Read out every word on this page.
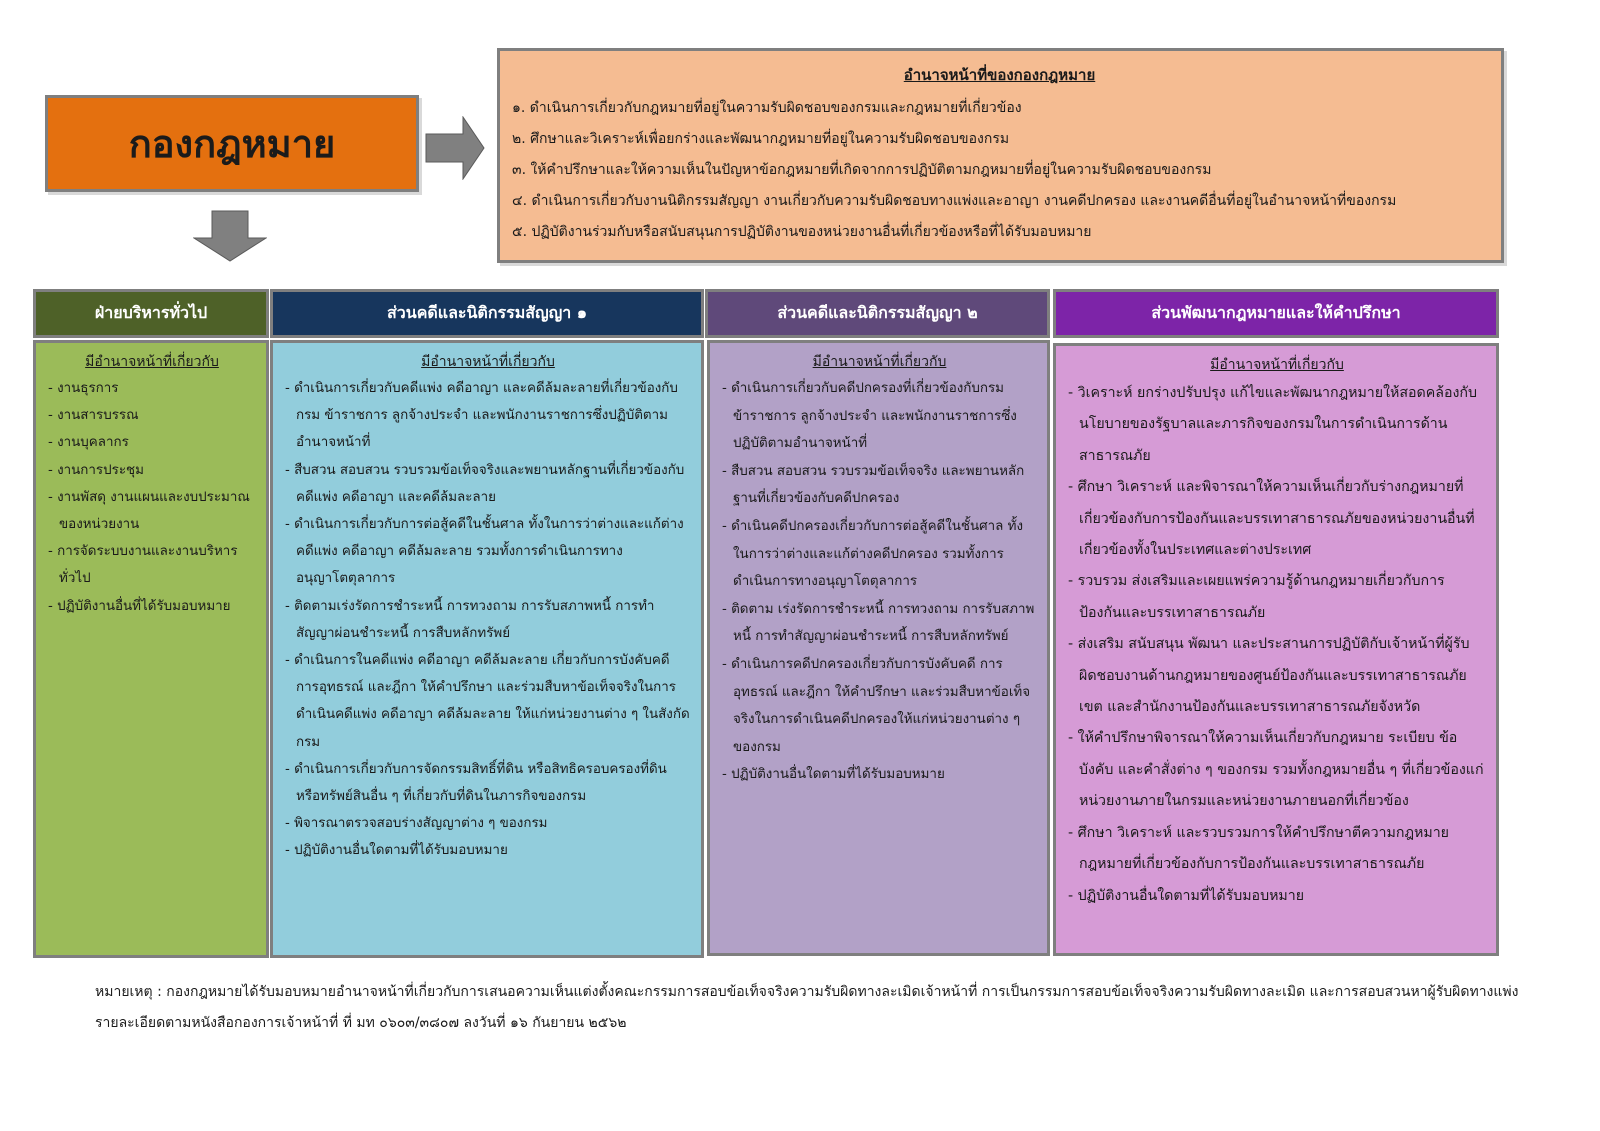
กองกฎหมาย
อำนาจหน้าที่ของกองกฎหมาย
๑. ดำเนินการเกี่ยวกับกฎหมายที่อยู่ในความรับผิดชอบของกรมและกฎหมายที่เกี่ยวข้อง
๒. ศึกษาและวิเคราะห์เพื่อยกร่างและพัฒนากฎหมายที่อยู่ในความรับผิดชอบของกรม
๓. ให้คำปรึกษาและให้ความเห็นในปัญหาข้อกฎหมายที่เกิดจากการปฏิบัติตามกฎหมายที่อยู่ในความรับผิดชอบของกรม
๔. ดำเนินการเกี่ยวกับงานนิติกรรมสัญญา งานเกี่ยวกับความรับผิดชอบทางแพ่งและอาญา งานคดีปกครอง และงานคดีอื่นที่อยู่ในอำนาจหน้าที่ของกรม
๕. ปฏิบัติงานร่วมกับหรือสนับสนุนการปฏิบัติงานของหน่วยงานอื่นที่เกี่ยวข้องหรือที่ได้รับมอบหมาย
ฝ่ายบริหารทั่วไป
มีอำนาจหน้าที่เกี่ยวกับ
- งานธุรการ
- งานสารบรรณ
- งานบุคลากร
- งานการประชุม
- งานพัสดุ งานแผนและงบประมาณของหน่วยงาน
- การจัดระบบงานและงานบริหารทั่วไป
- ปฏิบัติงานอื่นที่ได้รับมอบหมาย
ส่วนคดีและนิติกรรมสัญญา ๑
มีอำนาจหน้าที่เกี่ยวกับ
- ดำเนินการเกี่ยวกับคดีแพ่ง คดีอาญา และคดีล้มละลายที่เกี่ยวข้องกับกรม ข้าราชการ ลูกจ้างประจำ และพนักงานราชการซึ่งปฏิบัติตามอำนาจหน้าที่
- สืบสวน สอบสวน รวบรวมข้อเท็จจริงและพยานหลักฐานที่เกี่ยวข้องกับคดีแพ่ง คดีอาญา และคดีล้มละลาย
- ดำเนินการเกี่ยวกับการต่อสู้คดีในชั้นศาล ทั้งในการว่าต่างและแก้ต่างคดีแพ่ง คดีอาญา คดีล้มละลาย รวมทั้งการดำเนินการทางอนุญาโตตุลาการ
- ติดตามเร่งรัดการชำระหนี้ การทวงถาม การรับสภาพหนี้ การทำสัญญาผ่อนชำระหนี้ การสืบหลักทรัพย์
- ดำเนินการในคดีแพ่ง คดีอาญา คดีล้มละลาย เกี่ยวกับการบังคับคดี การอุทธรณ์ และฎีกา ให้คำปรึกษา และร่วมสืบหาข้อเท็จจริงในการดำเนินคดีแพ่ง คดีอาญา คดีล้มละลาย ให้แก่หน่วยงานต่าง ๆ ในสังกัดกรม
- ดำเนินการเกี่ยวกับการจัดกรรมสิทธิ์ที่ดิน หรือสิทธิครอบครองที่ดิน หรือทรัพย์สินอื่น ๆ ที่เกี่ยวกับที่ดินในภารกิจของกรม
- พิจารณาตรวจสอบร่างสัญญาต่าง ๆ ของกรม
- ปฏิบัติงานอื่นใดตามที่ได้รับมอบหมาย
ส่วนคดีและนิติกรรมสัญญา ๒
มีอำนาจหน้าที่เกี่ยวกับ
- ดำเนินการเกี่ยวกับคดีปกครองที่เกี่ยวข้องกับกรม ข้าราชการ ลูกจ้างประจำ และพนักงานราชการซึ่งปฏิบัติตามอำนาจหน้าที่
- สืบสวน สอบสวน รวบรวมข้อเท็จจริง และพยานหลักฐานที่เกี่ยวข้องกับคดีปกครอง
- ดำเนินคดีปกครองเกี่ยวกับการต่อสู้คดีในชั้นศาล ทั้งในการว่าต่างและแก้ต่างคดีปกครอง รวมทั้งการดำเนินการทางอนุญาโตตุลาการ
- ติดตาม เร่งรัดการชำระหนี้ การทวงถาม การรับสภาพหนี้ การทำสัญญาผ่อนชำระหนี้ การสืบหลักทรัพย์
- ดำเนินการคดีปกครองเกี่ยวกับการบังคับคดี การอุทธรณ์ และฎีกา ให้คำปรึกษา และร่วมสืบหาข้อเท็จจริงในการดำเนินคดีปกครองให้แก่หน่วยงานต่าง ๆ ของกรม
- ปฏิบัติงานอื่นใดตามที่ได้รับมอบหมาย
ส่วนพัฒนากฎหมายและให้คำปรึกษา
มีอำนาจหน้าที่เกี่ยวกับ
- วิเคราะห์ ยกร่างปรับปรุง แก้ไขและพัฒนากฎหมายให้สอดคล้องกับนโยบายของรัฐบาลและภารกิจของกรมในการดำเนินการด้านสาธารณภัย
- ศึกษา วิเคราะห์ และพิจารณาให้ความเห็นเกี่ยวกับร่างกฎหมายที่เกี่ยวข้องกับการป้องกันและบรรเทาสาธารณภัยของหน่วยงานอื่นที่เกี่ยวข้องทั้งในประเทศและต่างประเทศ
- รวบรวม ส่งเสริมและเผยแพร่ความรู้ด้านกฎหมายเกี่ยวกับการป้องกันและบรรเทาสาธารณภัย
- ส่งเสริม สนับสนุน พัฒนา และประสานการปฏิบัติกับเจ้าหน้าที่ผู้รับผิดชอบงานด้านกฎหมายของศูนย์ป้องกันและบรรเทาสาธารณภัยเขต และสำนักงานป้องกันและบรรเทาสาธารณภัยจังหวัด
- ให้คำปรึกษาพิจารณาให้ความเห็นเกี่ยวกับกฎหมาย ระเบียบ ข้อบังคับ และคำสั่งต่าง ๆ ของกรม รวมทั้งกฎหมายอื่น ๆ ที่เกี่ยวข้องแก่หน่วยงานภายในกรมและหน่วยงานภายนอกที่เกี่ยวข้อง
- ศึกษา วิเคราะห์ และรวบรวมการให้คำปรึกษาตีความกฎหมายกฎหมายที่เกี่ยวข้องกับการป้องกันและบรรเทาสาธารณภัย
- ปฏิบัติงานอื่นใดตามที่ได้รับมอบหมาย
หมายเหตุ : กองกฎหมายได้รับมอบหมายอำนาจหน้าที่เกี่ยวกับการเสนอความเห็นแต่งตั้งคณะกรรมการสอบข้อเท็จจริงความรับผิดทางละเมิดเจ้าหน้าที่ การเป็นกรรมการสอบข้อเท็จจริงความรับผิดทางละเมิด และการสอบสวนหาผู้รับผิดทางแพ่ง รายละเอียดตามหนังสือกองการเจ้าหน้าที่ ที่ มท ๐๖๐๓/๓๘๐๗ ลงวันที่ ๑๖ กันยายน ๒๕๖๒
